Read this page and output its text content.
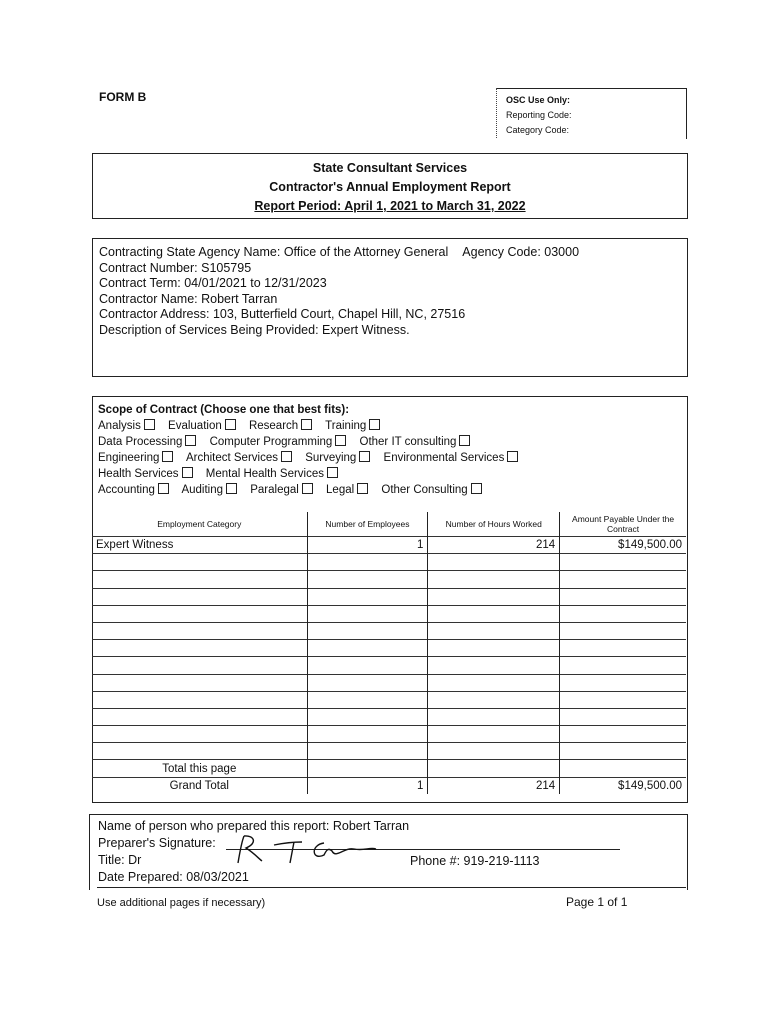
FORM B	OSC Use Only:
Reporting Code:
Category Code:
State Consultant Services
Contractor's Annual Employment Report
Report Period: April 1, 2021 to March 31, 2022
Contracting State Agency Name: Office of the Attorney General Agency Code: 03000
Contract Number: S105795
Contract Term: 04/01/2021 to 12/31/2023
Contractor Name: Robert Tarran
Contractor Address: 103, Butterfield Court, Chapel Hill, NC, 27516
Description of Services Being Provided: Expert Witness.
Scope of Contract (Choose one that best fits):
Analysis Evaluation Research Training
Data Processing Computer Programming Other IT consulting
Engineering Architect Services Surveying Environmental Services
Health Services Mental Health Services
Accounting Auditing Paralegal Legal Other Consulting
Employment Category	Number of Employees	Number of Hours Worked	Amount Payable Under the Contract
Expert Witness	1	214	$149,500.00

Total this page			
Grand Total	1	214	$149,500.00
Name of person who prepared this report: Robert Tarran
Preparer's Signature:
Title: Dr
Date Prepared: 08/03/2021
Phone #: 919-219-1113
Use additional pages if necessary)	Page 1 of 1
